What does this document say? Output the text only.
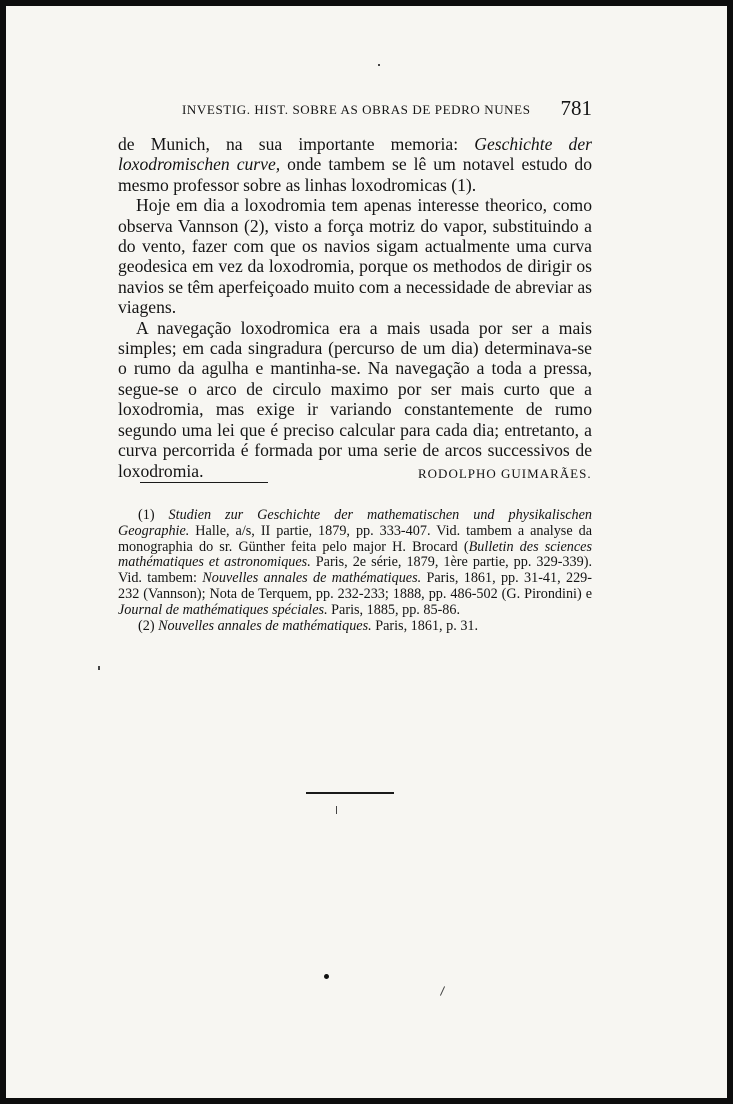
INVESTIG. HIST. SOBRE AS OBRAS DE PEDRO NUNES 781

de Munich, na sua importante memoria: Geschichte der loxodromischen curve, onde tambem se lê um notavel estudo do mesmo professor sobre as linhas loxodromicas (1).

Hoje em dia a loxodromia tem apenas interesse theorico, como observa Vannson (2), visto a força motriz do vapor, substituindo a do vento, fazer com que os navios sigam actualmente uma curva geodesica em vez da loxodromia, porque os methodos de dirigir os navios se têm aperfeiçoado muito com a necessidade de abreviar as viagens.

A navegação loxodromica era a mais usada por ser a mais simples; em cada singradura (percurso de um dia) determinava-se o rumo da agulha e mantinha-se. Na navegação a toda a pressa, segue-se o arco de circulo maximo por ser mais curto que a loxodromia, mas exige ir variando constantemente de rumo segundo uma lei que é preciso calcular para cada dia; entretanto, a curva percorrida é formada por uma serie de arcos successivos de loxodromia.	RODOLPHO GUIMARÃES.

(1) Studien zur Geschichte der mathematischen und physikalischen Geographie. Halle, a/s, II partie, 1879, pp. 333-407. Vid. tambem a analyse da monographia do sr. Günther feita pelo major H. Brocard (Bulletin des sciences mathématiques et astronomiques. Paris, 2e série, 1879, 1ère partie, pp. 329-339). Vid. tambem: Nouvelles annales de mathématiques. Paris, 1861, pp. 31-41, 229-232 (Vannson); Nota de Terquem, pp. 232-233; 1888, pp. 486-502 (G. Pirondini) e Journal de mathématiques spéciales. Paris, 1885, pp. 85-86.

(2) Nouvelles annales de mathématiques. Paris, 1861, p. 31.
